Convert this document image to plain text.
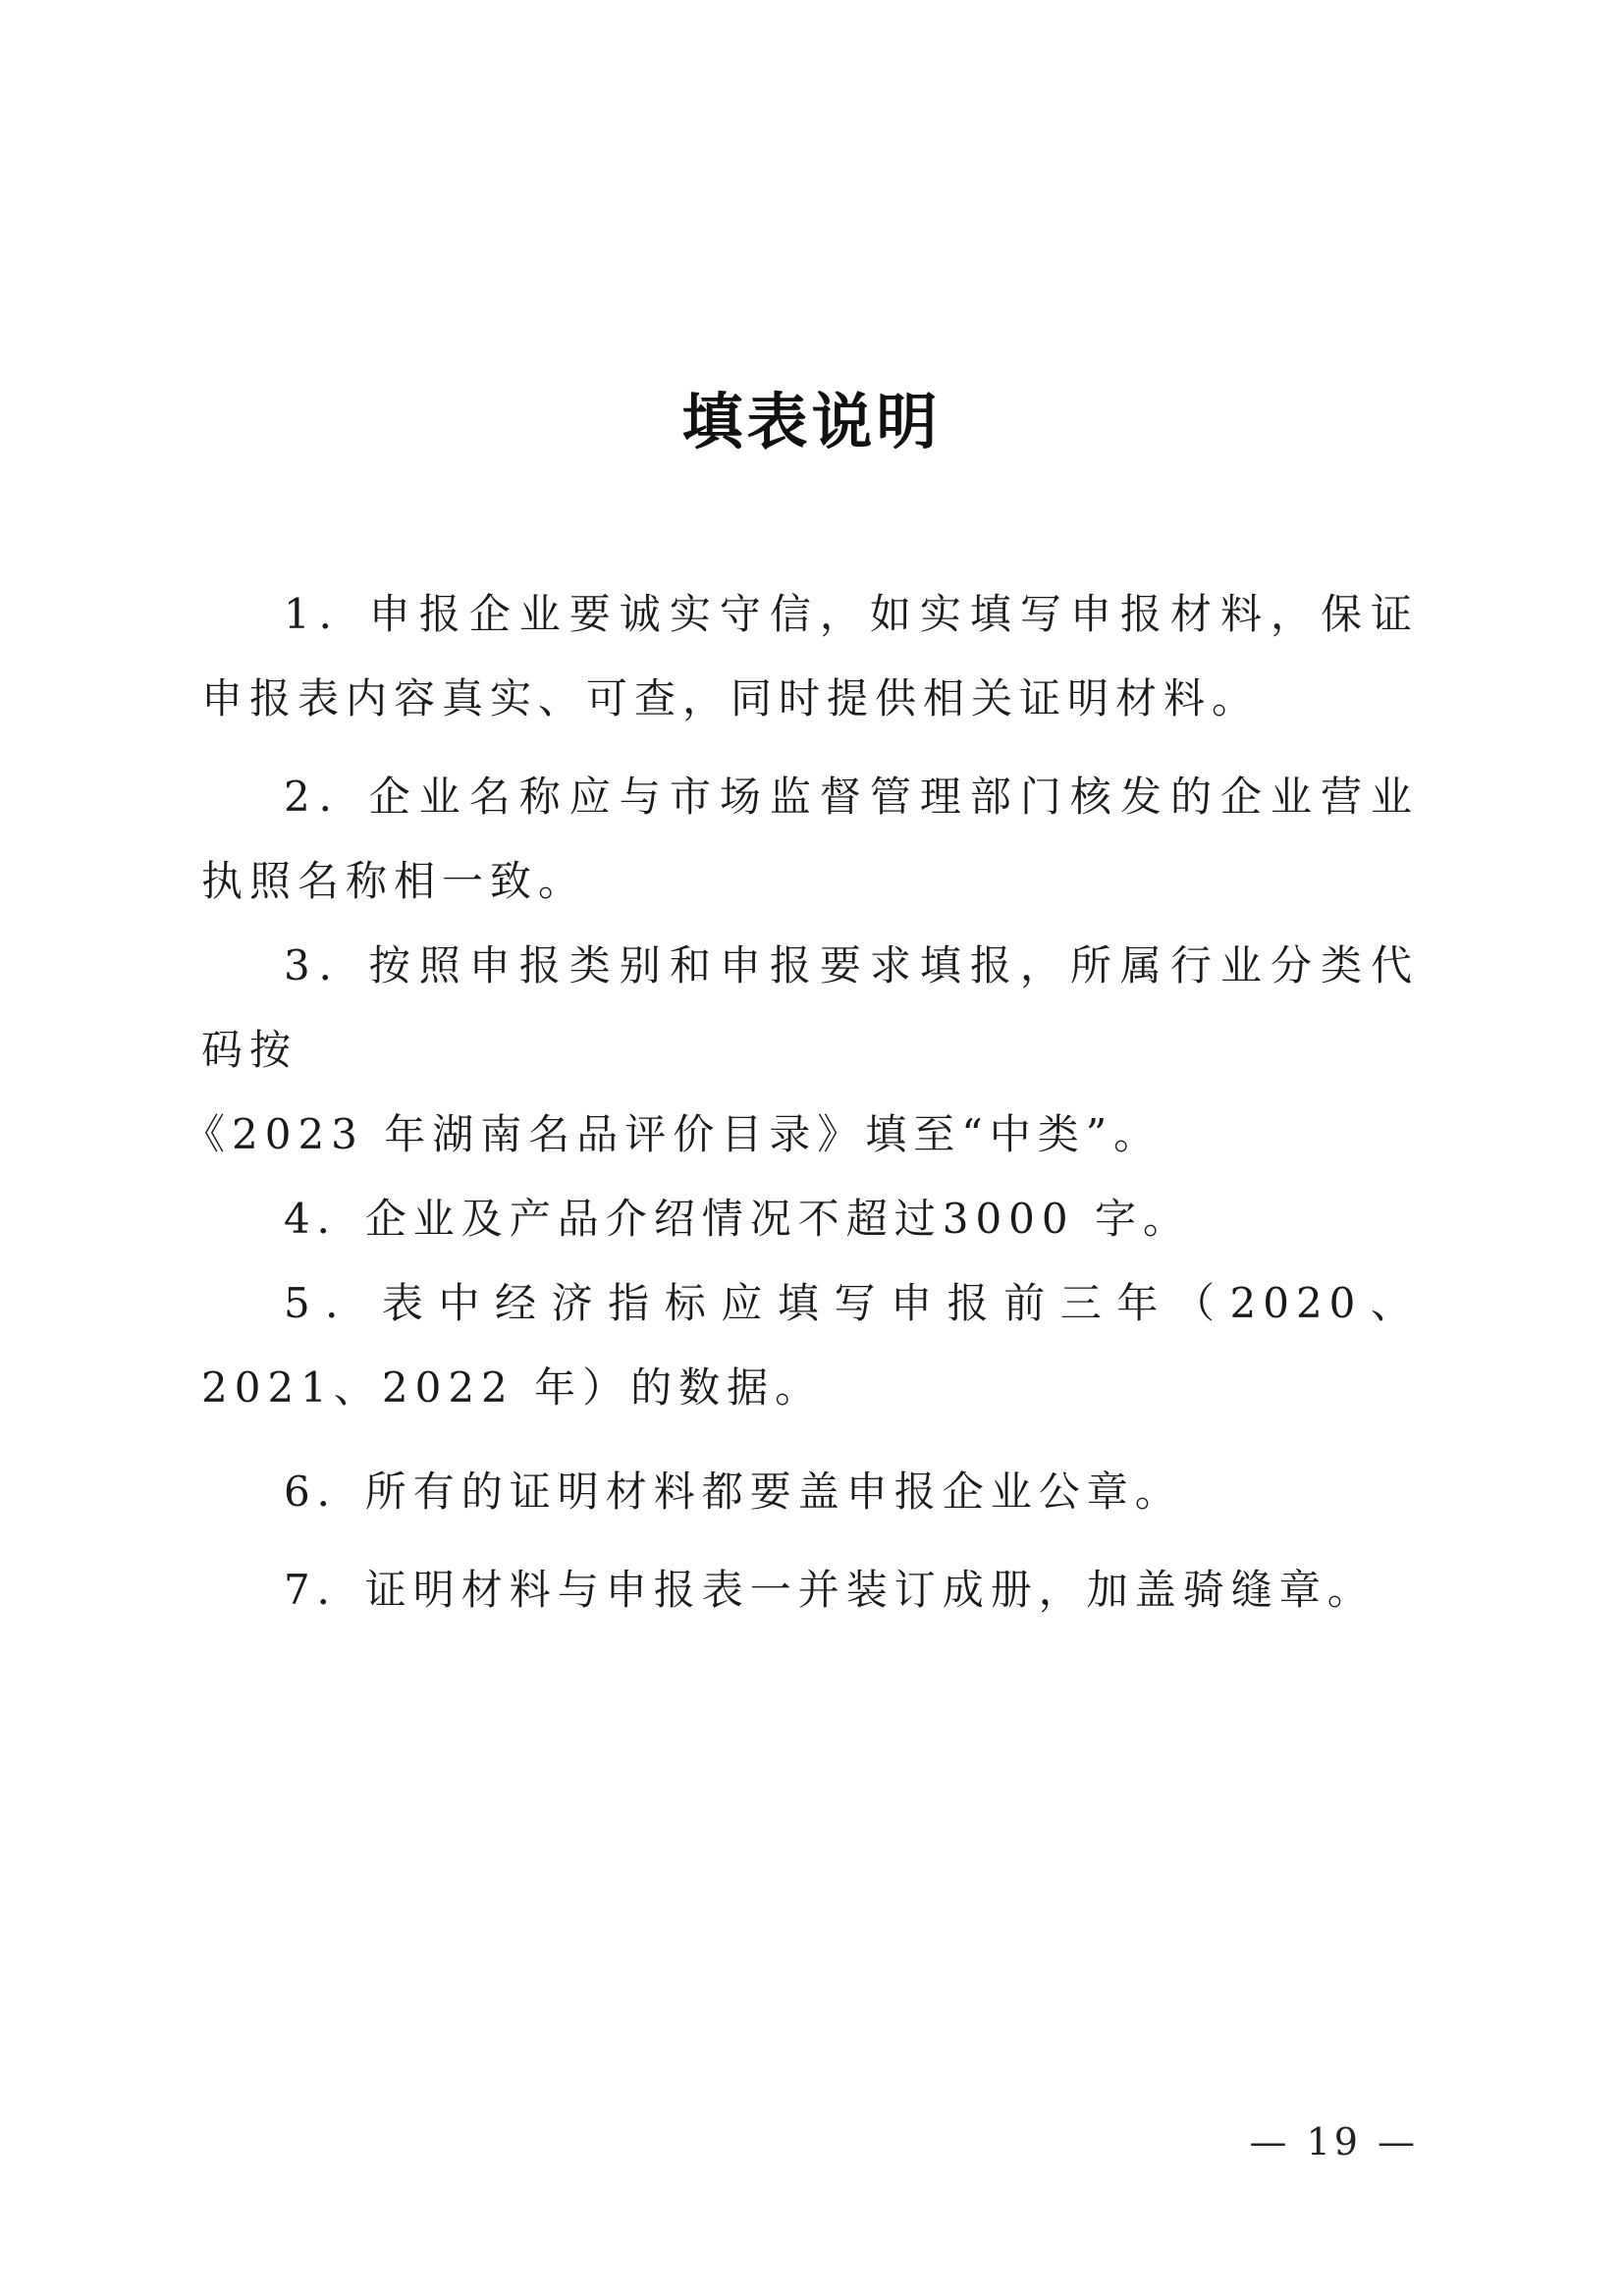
填表说明

1．申报企业要诚实守信，如实填写申报材料，保证申报表内容真实、可查，同时提供相关证明材料。

2．企业名称应与市场监督管理部门核发的企业营业执照名称相一致。

3．按照申报类别和申报要求填报，所属行业分类代码按

《2023 年湖南名品评价目录》填至“中类”。

4．企业及产品介绍情况不超过3000 字。

5．表中经济指标应填写申报前三年（2020、2021、2022 年）的数据。

6．所有的证明材料都要盖申报企业公章。

7．证明材料与申报表一并装订成册，加盖骑缝章。

— 19 —
